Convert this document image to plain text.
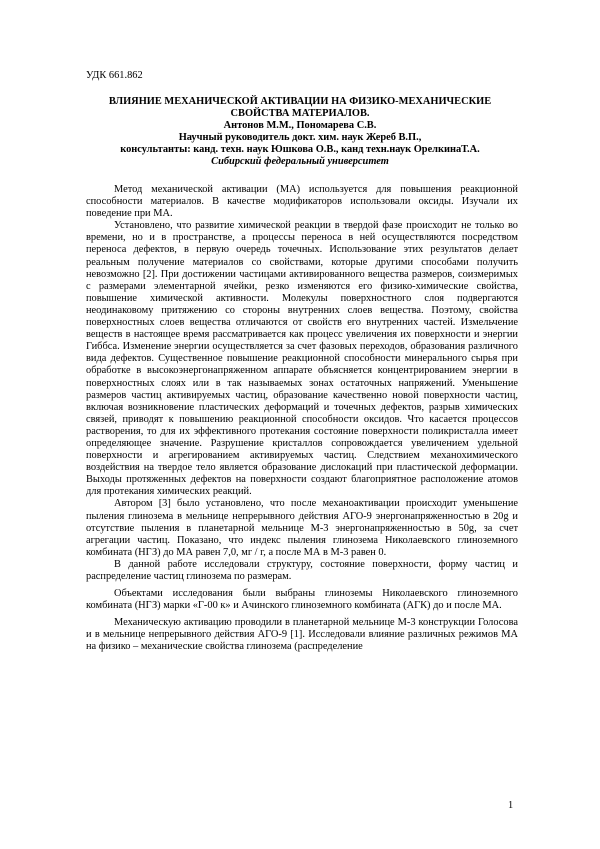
УДК 661.862
ВЛИЯНИЕ МЕХАНИЧЕСКОЙ АКТИВАЦИИ НА ФИЗИКО-МЕХАНИЧЕСКИЕ
СВОЙСТВА МАТЕРИАЛОВ.
Антонов М.М., Пономарева С.В.
Научный руководитель докт. хим. наук Жереб В.П.,
консультанты: канд. техн. наук Юшкова О.В., канд техн.наук ОрелкинаТ.А.
Сибирский федеральный университет

Метод механической активации (МА) используется для повышения реакционной способности материалов. В качестве модификаторов использовали оксиды. Изучали их поведение при МА.

Установлено, что развитие химической реакции в твердой фазе происходит не только во времени, но и в пространстве, а процессы переноса в ней осуществляются посредством переноса дефектов, в первую очередь точечных. Использование этих результатов делает реальным получение материалов со свойствами, которые другими способами получить невозможно [2]. При достижении частицами активированного вещества размеров, соизмеримых с размерами элементарной ячейки, резко изменяются его физико-химические свойства, повышение химической активности. Молекулы поверхностного слоя подвергаются неодинаковому притяжению со стороны внутренних слоев вещества. Поэтому, свойства поверхностных слоев вещества отличаются от свойств его внутренних частей. Измельчение веществ в настоящее время рассматривается как процесс увеличения их поверхности и энергии Гиббса. Изменение энергии осуществляется за счет фазовых переходов, образования различного вида дефектов. Существенное повышение реакционной способности минерального сырья при обработке в высокоэнергонапряженном аппарате объясняется концентрированием энергии в поверхностных слоях или в так называемых зонах остаточных напряжений. Уменьшение размеров частиц активируемых частиц, образование качественно новой поверхности частиц, включая возникновение пластических деформаций и точечных дефектов, разрыв химических связей, приводят к повышению реакционной способности оксидов. Что касается процессов растворения, то для их эффективного протекания состояние поверхности поликристалла имеет определяющее значение. Разрушение кристаллов сопровождается увеличением удельной поверхности и агрегированием активируемых частиц. Следствием механохимического воздействия на твердое тело является образование дислокаций при пластической деформации. Выходы протяженных дефектов на поверхности создают благоприятное расположение атомов для протекания химических реакций.

Автором [3] было установлено, что после механоактивации происходит уменьшение пыления глинозема в мельнице непрерывного действия АГО-9 энергонапряженностью в 20g и отсутствие пыления в планетарной мельнице М-3 энергонапряженностью в 50g, за счет агрегации частиц. Показано, что индекс пыления глинозема Николаевского глиноземного комбината (НГЗ) до МА равен 7,0, мг / г, а после МА в М-3 равен 0.

В данной работе исследовали структуру, состояние поверхности, форму частиц и распределение частиц глинозема по размерам.

Объектами исследования были выбраны глиноземы Николаевского глиноземного комбината (НГЗ) марки «Г-00 к» и Ачинского глиноземного комбината (АГК) до и после МА.

Механическую активацию проводили в планетарной мельнице М-3 конструкции Голосова и в мельнице непрерывного действия АГО-9 [1]. Исследовали влияние различных режимов МА на физико – механические свойства глинозема (распределение

1
